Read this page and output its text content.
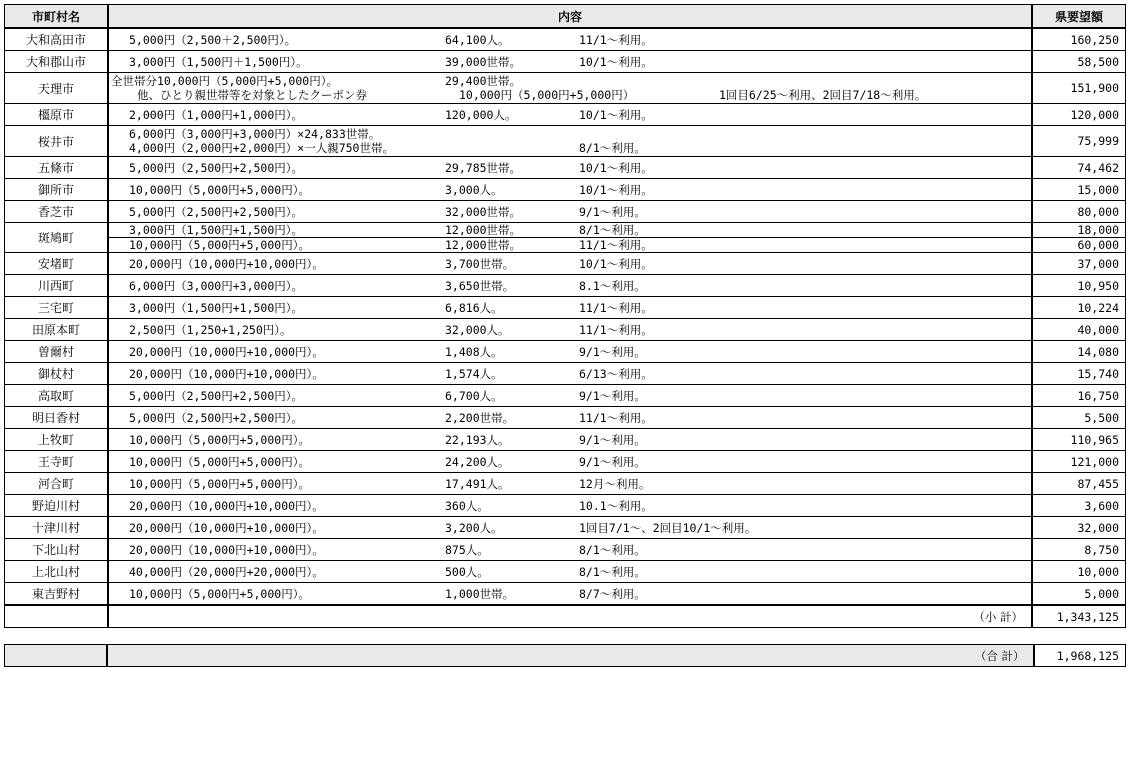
市町村名	内容	県要望額
大和高田市	5,000円（2,500＋2,500円）。 64,100人。 11/1～利用。	160,250
大和郡山市	3,000円（1,500円＋1,500円）。 39,000世帯。 10/1～利用。	58,500
天理市	全世帯分10,000円（5,000円+5,000円）。 29,400世帯。
他、ひとり親世帯等を対象としたクーポン券 10,000円（5,000円+5,000円） 1回目6/25～利用、2回目7/18～利用。	151,900
橿原市	2,000円（1,000円+1,000円）。 120,000人。 10/1～利用。	120,000
桜井市	6,000円（3,000円+3,000円）×24,833世帯。
4,000円（2,000円+2,000円）×一人親750世帯。 8/1～利用。	75,999
五條市	5,000円（2,500円+2,500円）。 29,785世帯。 10/1～利用。	74,462
御所市	10,000円（5,000円+5,000円）。 3,000人。 10/1～利用。	15,000
香芝市	5,000円（2,500円+2,500円）。 32,000世帯。 9/1～利用。	80,000
斑鳩町	3,000円（1,500円+1,500円）。 12,000世帯。 8/1～利用。	18,000

	10,000円（5,000円+5,000円）。 12,000世帯。 11/1～利用。	60,000
安堵町	20,000円（10,000円+10,000円）。 3,700世帯。 10/1～利用。	37,000
川西町	6,000円（3,000円+3,000円）。 3,650世帯。 8.1～利用。	10,950
三宅町	3,000円（1,500円+1,500円）。 6,816人。 11/1～利用。	10,224
田原本町	2,500円（1,250+1,250円）。 32,000人。 11/1～利用。	40,000
曽爾村	20,000円（10,000円+10,000円）。 1,408人。 9/1～利用。	14,080
御杖村	20,000円（10,000円+10,000円）。 1,574人。 6/13～利用。	15,740
高取町	5,000円（2,500円+2,500円）。 6,700人。 9/1～利用。	16,750
明日香村	5,000円（2,500円+2,500円）。 2,200世帯。 11/1～利用。	5,500
上牧町	10,000円（5,000円+5,000円）。 22,193人。 9/1～利用。	110,965
王寺町	10,000円（5,000円+5,000円）。 24,200人。 9/1～利用。	121,000
河合町	10,000円（5,000円+5,000円）。 17,491人。 12月～利用。	87,455
野迫川村	20,000円（10,000円+10,000円）。 360人。 10.1～利用。	3,600
十津川村	20,000円（10,000円+10,000円）。 3,200人。 1回目7/1～、2回目10/1～利用。	32,000
下北山村	20,000円（10,000円+10,000円）。 875人。 8/1～利用。	8,750
上北山村	40,000円（20,000円+20,000円）。 500人。 8/1～利用。	10,000
東吉野村	10,000円（5,000円+5,000円）。 1,000世帯。 8/7～利用。	5,000
	（小 計）	1,343,125
	（合 計）	1,968,125
